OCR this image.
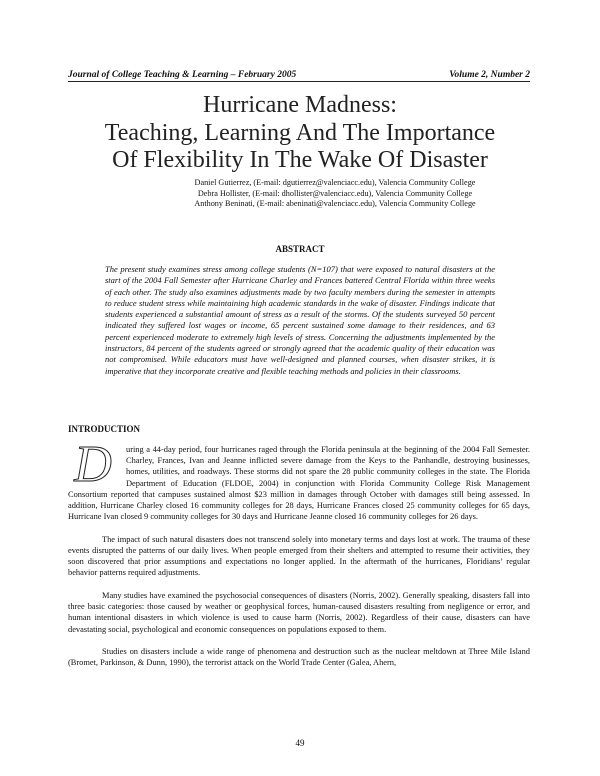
Journal of College Teaching & Learning – February 2005	Volume 2, Number 2
Hurricane Madness:
Teaching, Learning And The Importance
Of Flexibility In The Wake Of Disaster
Daniel Gutierrez, (E-mail: dgutierrez@valenciacc.edu), Valencia Community College
Debra Hollister, (E-mail: dhollister@valenciacc.edu), Valencia Community College
Anthony Beninati, (E-mail: abeninati@valenciacc.edu), Valencia Community College
ABSTRACT
The present study examines stress among college students (N=107) that were exposed to natural disasters at the start of the 2004 Fall Semester after Hurricane Charley and Frances battered Central Florida within three weeks of each other. The study also examines adjustments made by two faculty members during the semester in attempts to reduce student stress while maintaining high academic standards in the wake of disaster. Findings indicate that students experienced a substantial amount of stress as a result of the storms. Of the students surveyed 50 percent indicated they suffered lost wages or income, 65 percent sustained some damage to their residences, and 63 percent experienced moderate to extremely high levels of stress. Concerning the adjustments implemented by the instructors, 84 percent of the students agreed or strongly agreed that the academic quality of their education was not compromised. While educators must have well-designed and planned courses, when disaster strikes, it is imperative that they incorporate creative and flexible teaching methods and policies in their classrooms.
INTRODUCTION

D	uring a 44-day period, four hurricanes raged through the Florida peninsula at the beginning of the 2004 Fall Semester. Charley, Frances, Ivan and Jeanne inflicted severe damage from the Keys to the Panhandle, destroying businesses, homes, utilities, and roadways. These storms did not spare the 28 public community colleges in the state. The Florida Department of Education (FLDOE, 2004) in conjunction with Florida Community College Risk Management Consortium reported that campuses sustained almost $23 million in damages through October with damages still being assessed. In addition, Hurricane Charley closed 16 community colleges for 28 days, Hurricane Frances closed 25 community colleges for 65 days, Hurricane Ivan closed 9 community colleges for 30 days and Hurricane Jeanne closed 16 community colleges for 26 days.

The impact of such natural disasters does not transcend solely into monetary terms and days lost at work. The trauma of these events disrupted the patterns of our daily lives. When people emerged from their shelters and attempted to resume their activities, they soon discovered that prior assumptions and expectations no longer applied. In the aftermath of the hurricanes, Floridians’ regular behavior patterns required adjustments.

Many studies have examined the psychosocial consequences of disasters (Norris, 2002). Generally speaking, disasters fall into three basic categories: those caused by weather or geophysical forces, human-caused disasters resulting from negligence or error, and human intentional disasters in which violence is used to cause harm (Norris, 2002). Regardless of their cause, disasters can have devastating social, psychological and economic consequences on populations exposed to them.

Studies on disasters include a wide range of phenomena and destruction such as the nuclear meltdown at Three Mile Island (Bromet, Parkinson, & Dunn, 1990), the terrorist attack on the World Trade Center (Galea, Ahern,

49
